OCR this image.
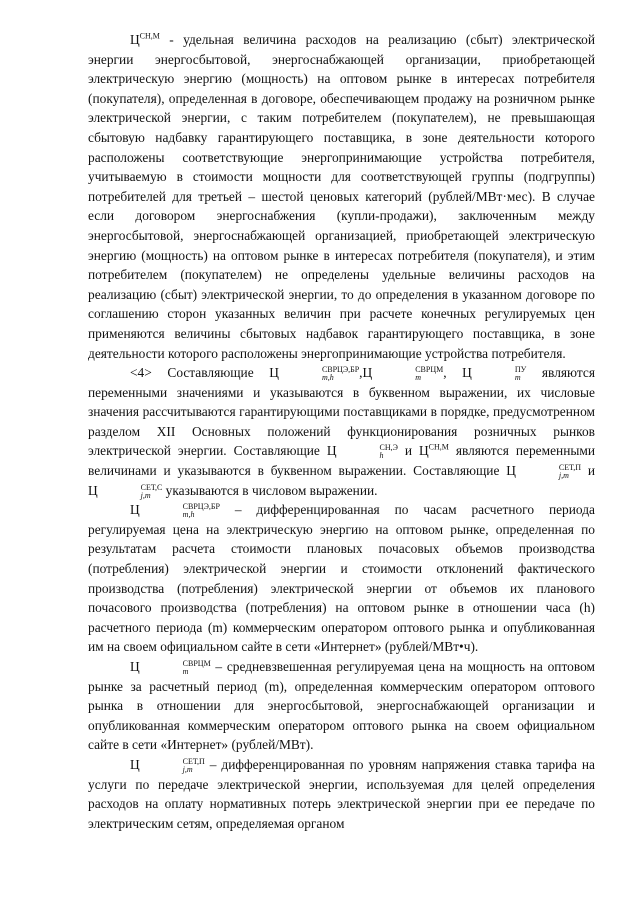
$Ц^{СН,М}$ - удельная величина расходов на реализацию (сбыт) электрической энергии энергосбытовой, энергоснабжающей организации, приобретающей электрическую энергию (мощность) на оптовом рынке в интересах потребителя (покупателя), определенная в договоре, обеспечивающем продажу на розничном рынке электрической энергии, с таким потребителем (покупателем), не превышающая сбытовую надбавку гарантирующего поставщика, в зоне деятельности которого расположены соответствующие энергопринимающие устройства потребителя, учитываемую в стоимости мощности для соответствующей группы (подгруппы) потребителей для третьей – шестой ценовых категорий (рублей/МВт·мес). В случае если договором энергоснабжения (купли-продажи), заключенным между энергосбытовой, энергоснабжающей организацией, приобретающей электрическую энергию (мощность) на оптовом рынке в интересах потребителя (покупателя), и этим потребителем (покупателем) не определены удельные величины расходов на реализацию (сбыт) электрической энергии, то до определения в указанном договоре по соглашению сторон указанных величин при расчете конечных регулируемых цен применяются величины сбытовых надбавок гарантирующего поставщика, в зоне деятельности которого расположены энергопринимающие устройства потребителя.

<4> Составляющие Ц	СВРЦЭ,БР
m,h	,Ц	СВРЦМ
m	, Ц	ПУ
m являются переменными значениями и указываются в буквенном выражении, их числовые значения рассчитываются гарантирующими поставщиками в порядке, предусмотренном разделом XII Основных положений функционирования розничных рынков электрической энергии. Составляющие Ц	СН,Э
h	и $Ц^{СН,М}$ являются переменными величинами и указываются в буквенном выражении. Составляющие Ц	СЕТ,П
j,m и Ц	СЕТ,С
j,m указываются в числовом выражении.

Ц	СВРЦЭ,БР
m,h	– дифференцированная по часам расчетного периода регулируемая цена на электрическую энергию на оптовом рынке, определенная по результатам расчета стоимости плановых почасовых объемов производства (потребления) электрической энергии и стоимости отклонений фактического производства (потребления) электрической энергии от объемов их планового почасового производства (потребления) на оптовом рынке в отношении часа (h) расчетного периода (m) коммерческим оператором оптового рынка и опубликованная им на своем официальном сайте в сети «Интернет» (рублей/МВт•ч).

Ц	СВРЦМ
m	– средневзвешенная регулируемая цена на мощность на оптовом рынке за расчетный период (m), определенная коммерческим оператором оптового рынка в отношении для энергосбытовой, энергоснабжающей организации и опубликованная коммерческим оператором оптового рынка на своем официальном сайте в сети «Интернет» (рублей/МВт).

Ц	СЕТ,П
j,m – дифференцированная по уровням напряжения ставка тарифа на услуги по передаче электрической энергии, используемая для целей определения расходов на оплату нормативных потерь электрической энергии при ее передаче по электрическим сетям, определяемая органом
